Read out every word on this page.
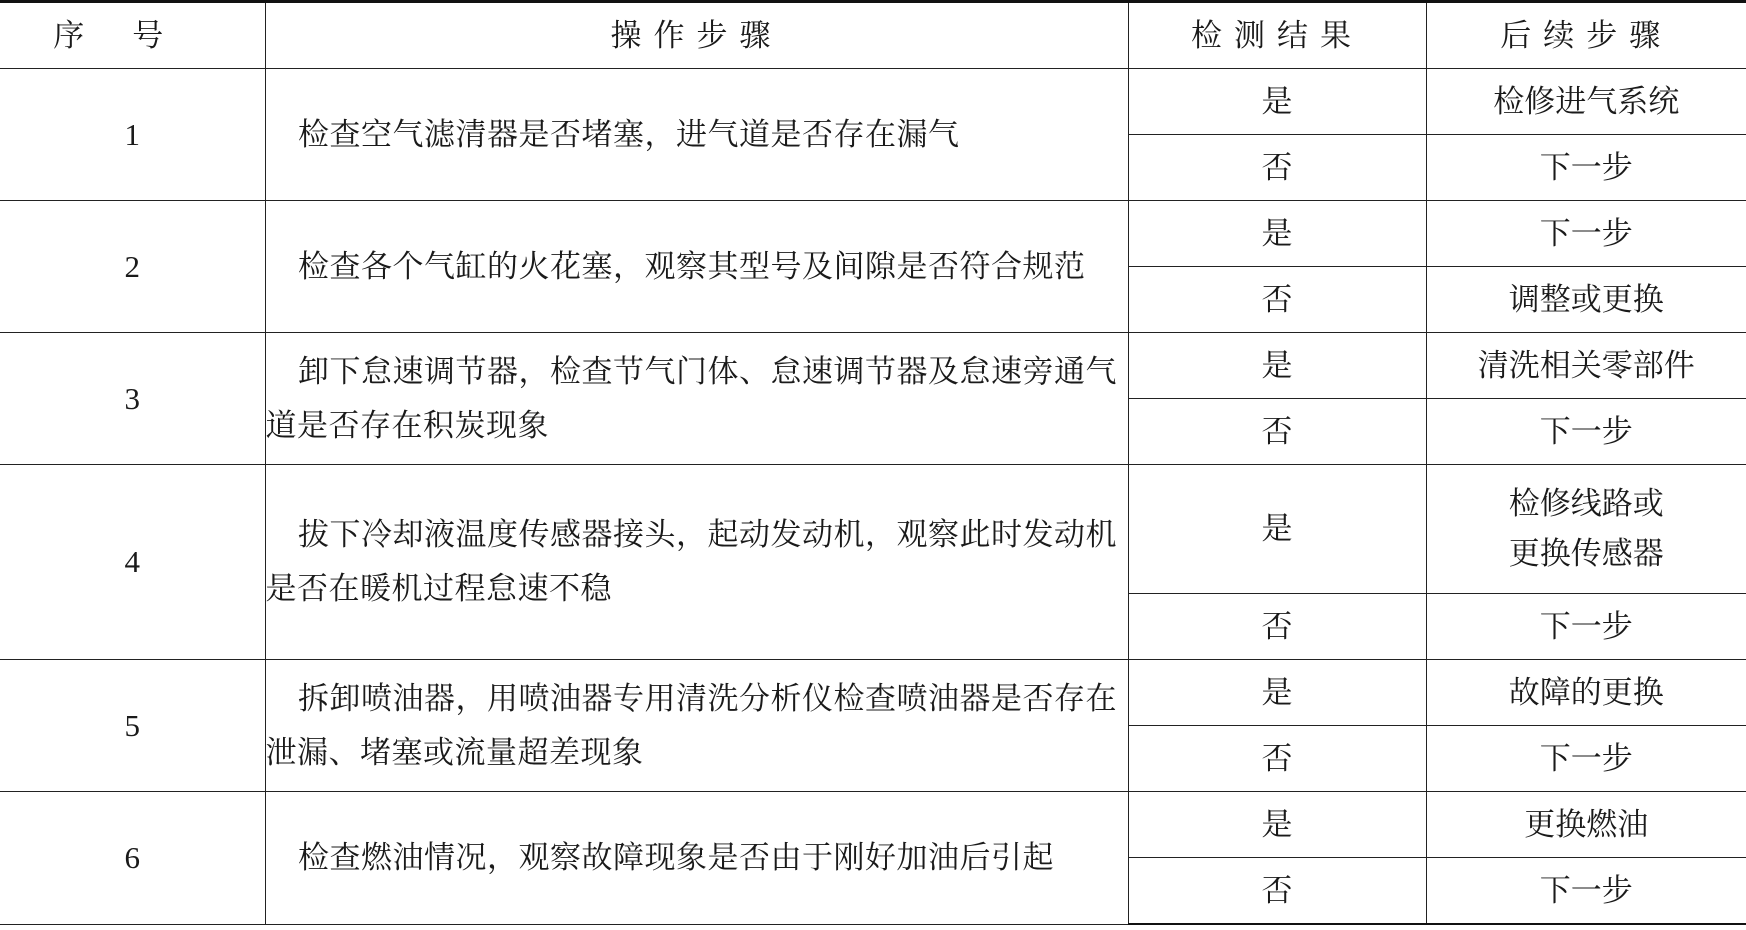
序号	操作步骤	检测结果	后续步骤
1	检查空气滤清器是否堵塞，进气道是否存在漏气	是	检修进气系统

		否	下一步
2	检查各个气缸的火花塞，观察其型号及间隙是否符合规范	是	下一步

		否	调整或更换
3	卸下怠速调节器，检查节气门体、怠速调节器及怠速旁通气道是否存在积炭现象	是	清洗相关零部件

		否	下一步
4	拔下冷却液温度传感器接头，起动发动机，观察此时发动机是否在暖机过程怠速不稳	是	检修线路或
更换传感器

		否	下一步
5	拆卸喷油器，用喷油器专用清洗分析仪检查喷油器是否存在泄漏、堵塞或流量超差现象	是	故障的更换

		否	下一步
6	检查燃油情况，观察故障现象是否由于刚好加油后引起	是	更换燃油

		否	下一步
